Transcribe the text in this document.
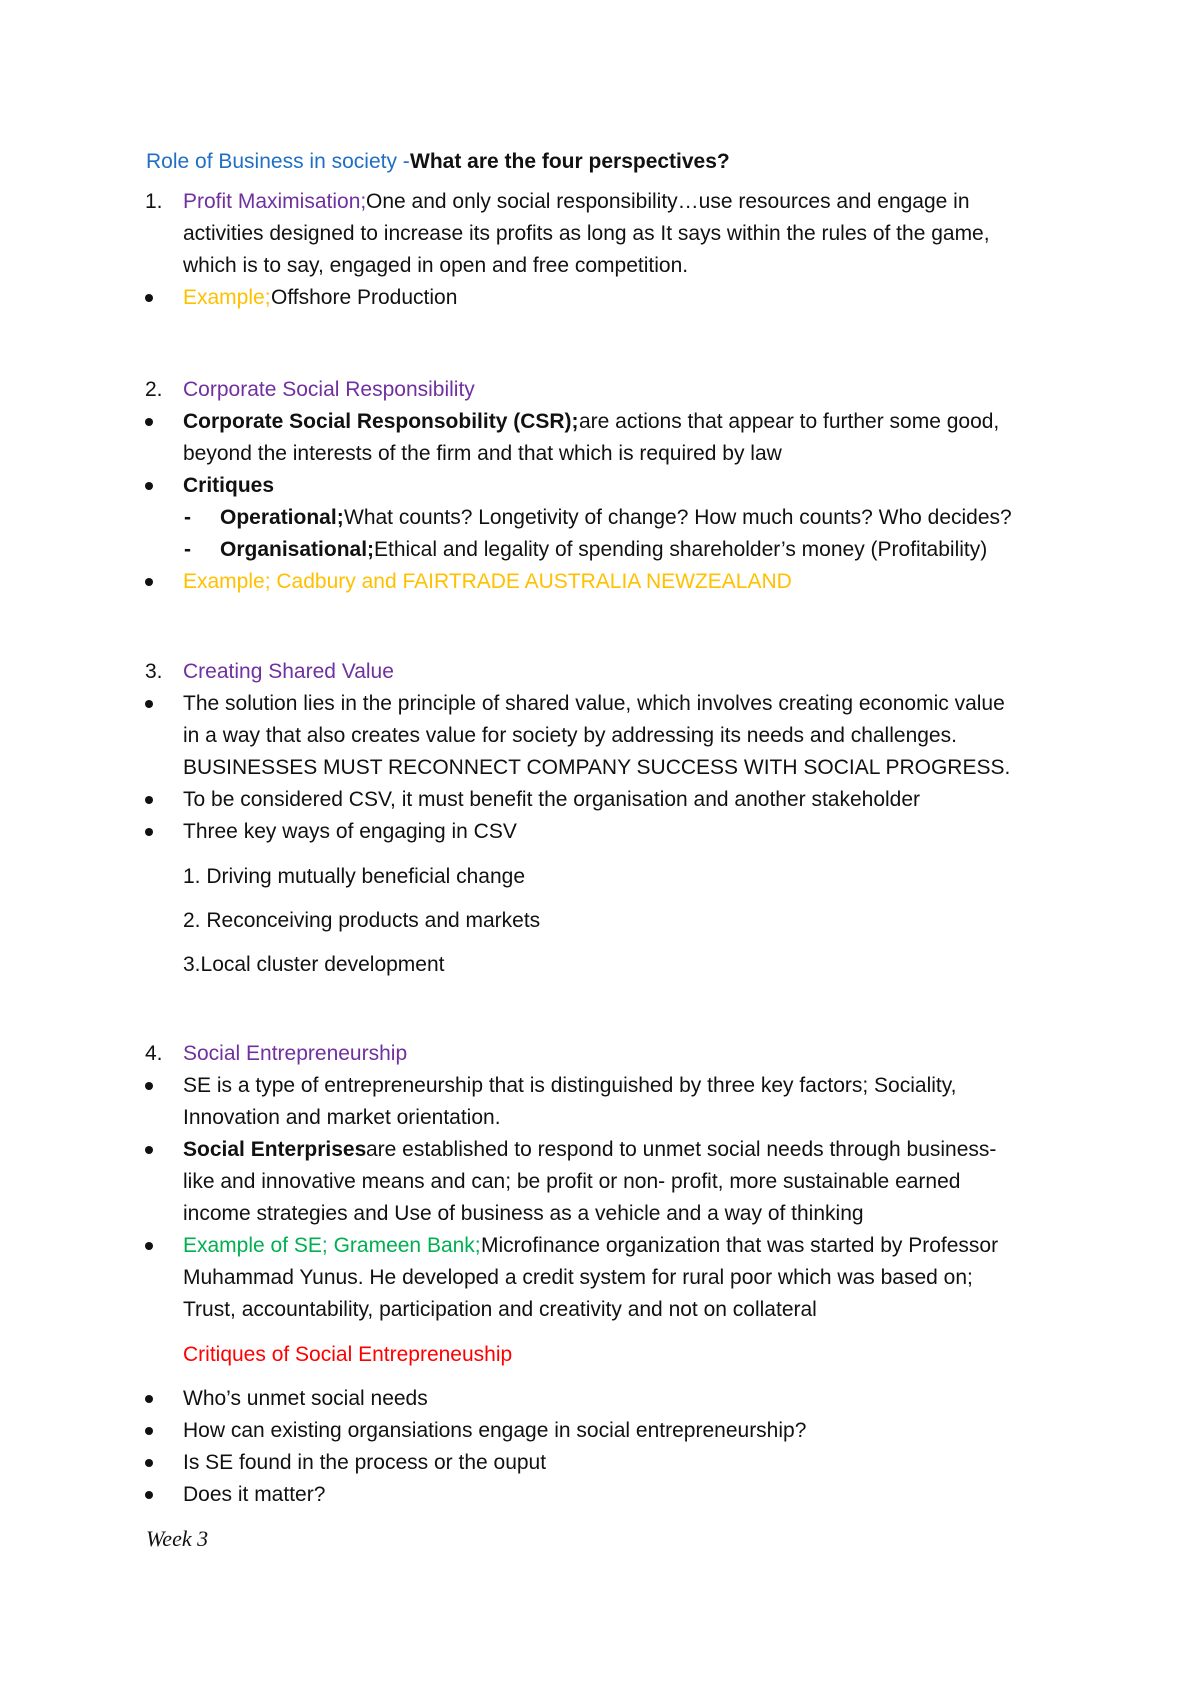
Role of Business in society - What are the four perspectives?
1. Profit Maximisation; One and only social responsibility…use resources and engage in
activities designed to increase its profits as long as It says within the rules of the game,
which is to say, engaged in open and free competition.
Example; Offshore Production
2. Corporate Social Responsibility
Corporate Social Responsobility (CSR); are actions that appear to further some good,
beyond the interests of the firm and that which is required by law
Critiques
- Operational; What counts? Longetivity of change? How much counts? Who decides?
- Organisational; Ethical and legality of spending shareholder’s money (Profitability)
Example; Cadbury and FAIRTRADE AUSTRALIA NEWZEALAND
3. Creating Shared Value
The solution lies in the principle of shared value, which involves creating economic value
in a way that also creates value for society by addressing its needs and challenges.
BUSINESSES MUST RECONNECT COMPANY SUCCESS WITH SOCIAL PROGRESS.
To be considered CSV, it must benefit the organisation and another stakeholder
Three key ways of engaging in CSV
1. Driving mutually beneficial change
2. Reconceiving products and markets
3.Local cluster development
4. Social Entrepreneurship
SE is a type of entrepreneurship that is distinguished by three key factors; Sociality,
Innovation and market orientation.
Social Enterprises are established to respond to unmet social needs through business-
like and innovative means and can; be profit or non- profit, more sustainable earned
income strategies and Use of business as a vehicle and a way of thinking
Example of SE; Grameen Bank; Microfinance organization that was started by Professor
Muhammad Yunus. He developed a credit system for rural poor which was based on;
Trust, accountability, participation and creativity and not on collateral
Critiques of Social Entrepreneuship
Who’s unmet social needs
How can existing organsiations engage in social entrepreneurship?
Is SE found in the process or the ouput
Does it matter?
Week 3
